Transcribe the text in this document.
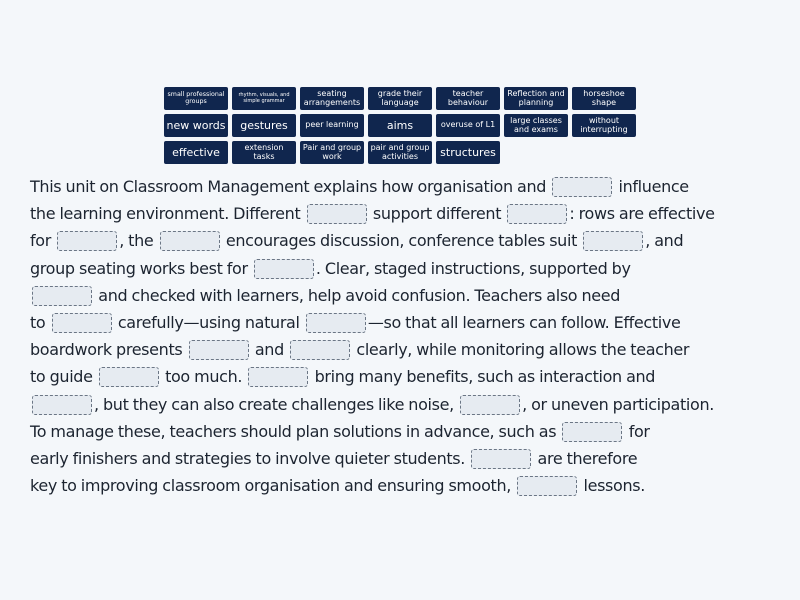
small professional groups
rhythm, visuals, and simple grammar
seating arrangements
grade their language
teacher behaviour
Reflection and planning
horseshoe shape
new words	gestures	peer learning	aims	overuse of L1	large classes and exams
without interrupting
effective	extension tasks
Pair and group work
pair and group activities	structures
This unit on Classroom Management explains how organisation and	influence
the learning environment. Different	support different	: rows are effective
for	, the	encourages discussion, conference tables suit	, and
group seating works best for	. Clear, staged instructions, supported by
and checked with learners, help avoid confusion. Teachers also need
to	carefully—using natural	—so that all learners can follow. Effective
boardwork presents	and	clearly, while monitoring allows the teacher
to guide	too much.	bring many benefits, such as interaction and
, but they can also create challenges like noise,	, or uneven participation.
To manage these, teachers should plan solutions in advance, such as	for
early finishers and strategies to involve quieter students.	are therefore
key to improving classroom organisation and ensuring smooth,	lessons.
